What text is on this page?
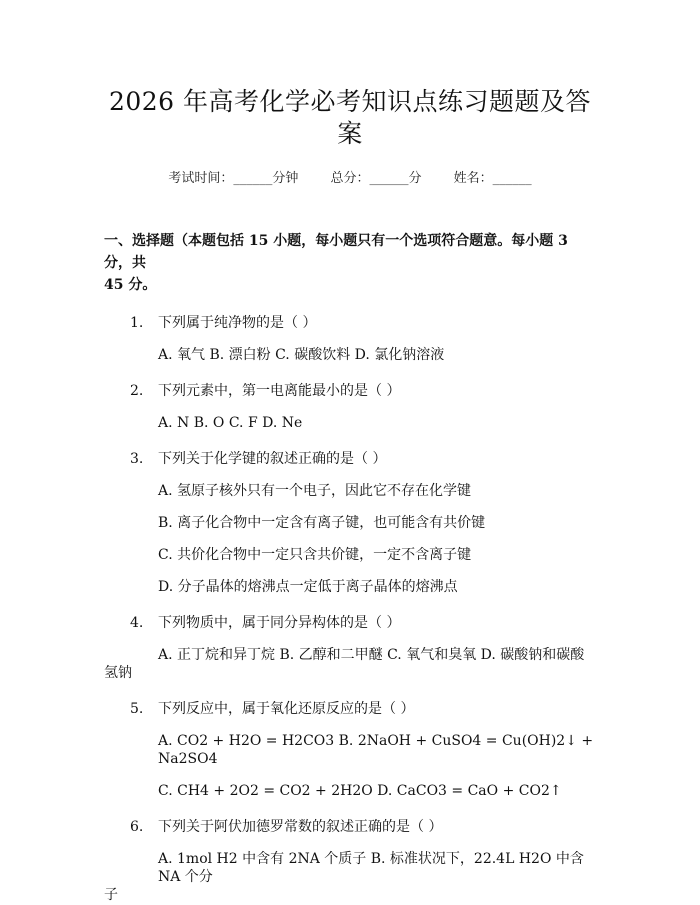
2026 年高考化学必考知识点练习题题及答案
考试时间：______分钟 总分：______分 姓名：______
一、选择题（本题包括 15 小题，每小题只有一个选项符合题意。每小题 3 分，共
45 分。
1. 下列属于纯净物的是（ ）
A. 氧气 B. 漂白粉 C. 碳酸饮料 D. 氯化钠溶液
2. 下列元素中，第一电离能最小的是（ ）
A. N B. O C. F D. Ne
3. 下列关于化学键的叙述正确的是（ ）
A. 氢原子核外只有一个电子，因此它不存在化学键
B. 离子化合物中一定含有离子键，也可能含有共价键
C. 共价化合物中一定只含共价键，一定不含离子键
D. 分子晶体的熔沸点一定低于离子晶体的熔沸点
4. 下列物质中，属于同分异构体的是（ ）
A. 正丁烷和异丁烷 B. 乙醇和二甲醚 C. 氧气和臭氧 D. 碳酸钠和碳酸
氢钠
5. 下列反应中，属于氧化还原反应的是（ ）
A. CO2 + H2O = H2CO3 B. 2NaOH + CuSO4 = Cu(OH)2↓ + Na2SO4
C. CH4 + 2O2 = CO2 + 2H2O D. CaCO3 = CaO + CO2↑
6. 下列关于阿伏加德罗常数的叙述正确的是（ ）
A. 1mol H2 中含有 2NA 个质子 B. 标准状况下，22.4L H2O 中含 NA 个分
子
